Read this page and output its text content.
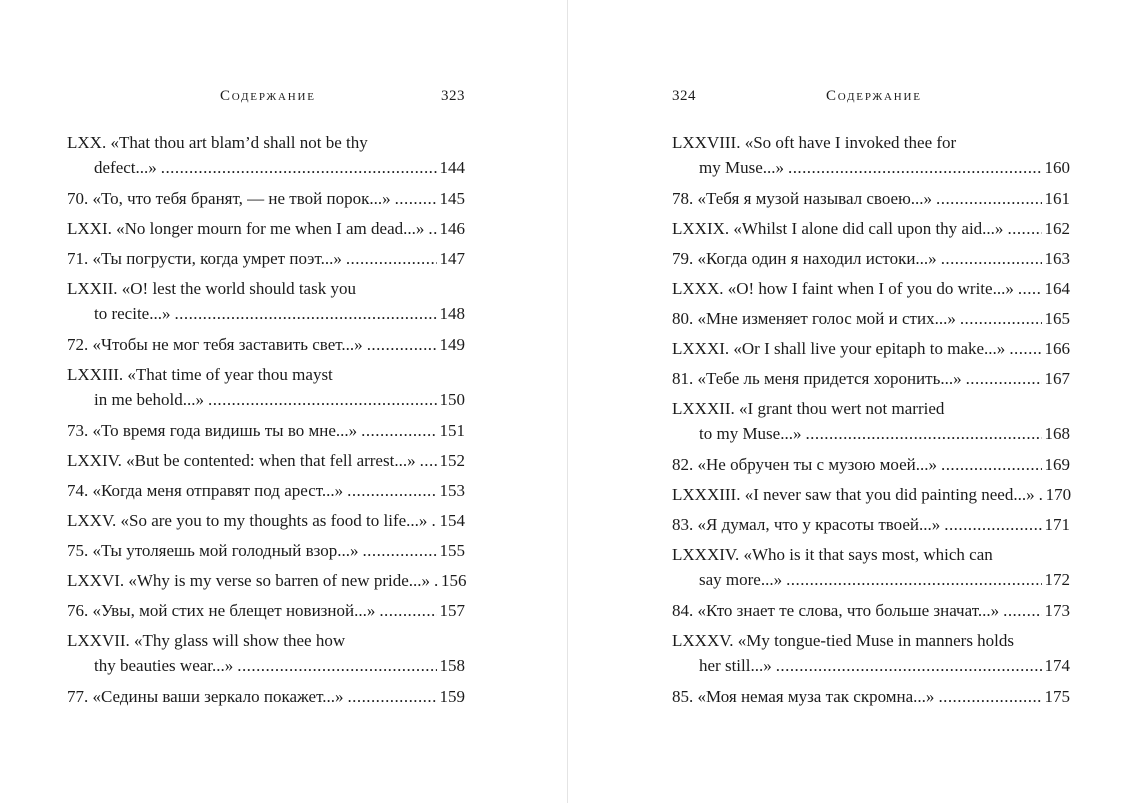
Содержание	323
LXX. «That thou art blam’d shall not be thy
defect...» . . .	144
70. «То, что тебя бранят, — не твой порок...» . . .	145
LXXI. «No longer mourn for me when I am dead...» . . . 146
71. «Ты погрусти, когда умрет поэт...» . . .	147
LXXII. «O! lest the world should task you
to recite...» . . .	148
72. «Чтобы не мог тебя заставить свет...» . . .	149
LXXIII. «That time of year thou mayst
in me behold...» . . .	150
73. «То время года видишь ты во мне...» . . .	151
LXXIV. «But be contented: when that fell arrest...» . . . 152
74. «Когда меня отправят под арест...» . . .	153
LXXV. «So are you to my thoughts as food to life...» . . . 154
75. «Ты утоляешь мой голодный взор...» . . .	155
LXXVI. «Why is my verse so barren of new pride...» . . . 156
76. «Увы, мой стих не блещет новизной...» . . .	157
LXXVII. «Thy glass will show thee how
thy beauties wear...» . . .	158
77. «Седины ваши зеркало покажет...» . . .	159
324	Содержание
LXXVIII. «So oft have I invoked thee for
my Muse...» . . .	160
78. «Тебя я музой называл своею...» . . .	161
LXXIX. «Whilst I alone did call upon thy aid...» . . . 162
79. «Когда один я находил истоки...» . . .	163
LXXX. «O! how I faint when I of you do write...» . . . 164
80. «Мне изменяет голос мой и стих...» . . .	165
LXXXI. «Or I shall live your epitaph to make...» . . . 166
81. «Тебе ль меня придется хоронить...» . . .	167
LXXXII. «I grant thou wert not married
to my Muse...» . . .	168
82. «Не обручен ты с музою моей...» . . .	169
LXXXIII. «I never saw that you did painting need...» . . . 170
83. «Я думал, что у красоты твоей...» . . .	171
LXXXIV. «Who is it that says most, which can
say more...» . . .	172
84. «Кто знает те слова, что больше значат...» . . .	173
LXXXV. «My tongue-tied Muse in manners holds
her still...» . . .	174
85. «Моя немая муза так скромна...» . . .	175
